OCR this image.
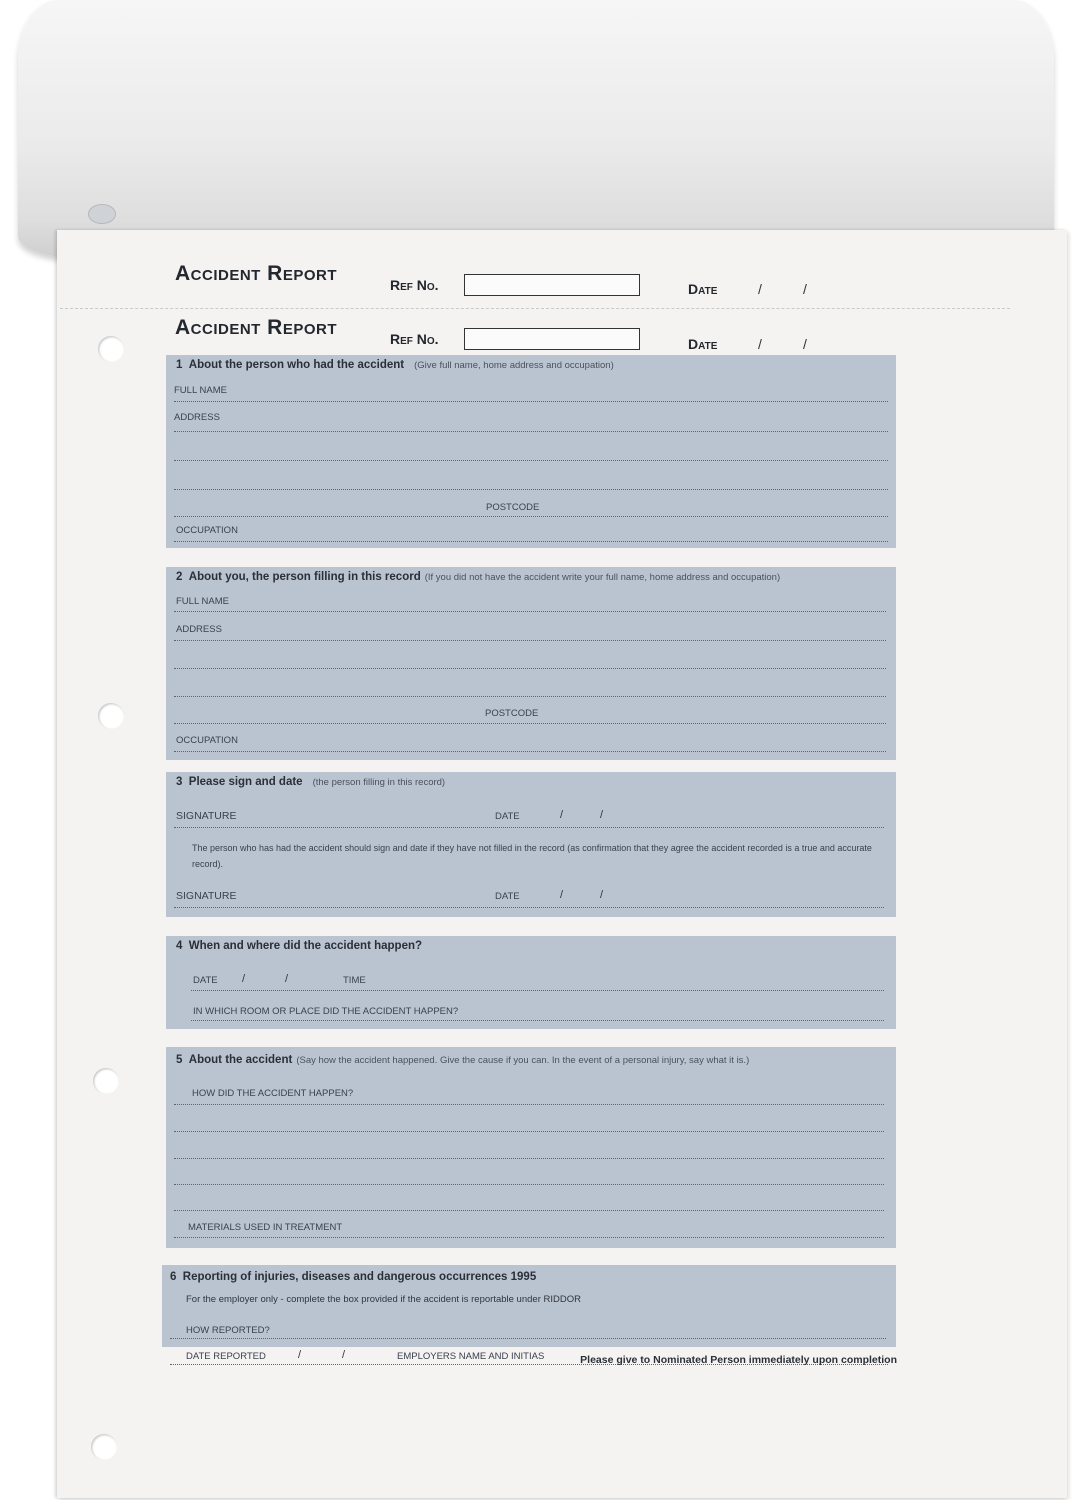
Accident Report	Ref No.	Date	/	/
Accident Report	Ref No.	Date	/	/
1 About the person who had the accident (Give full name, home address and occupation)
FULL NAME
ADDRESS
POSTCODE
OCCUPATION
2 About you, the person filling in this record (If you did not have the accident write your full name, home address and occupation)
FULL NAME
ADDRESS
POSTCODE
OCCUPATION
3 Please sign and date (the person filling in this record)
SIGNATURE	DATE	/	/
The person who has had the accident should sign and date if they have not filled in the record (as confirmation that they agree the accident recorded is a true and accurate record).
SIGNATURE	DATE	/	/
4 When and where did the accident happen?
DATE /	/	TIME
IN WHICH ROOM OR PLACE DID THE ACCIDENT HAPPEN?
5 About the accident (Say how the accident happened. Give the cause if you can. In the event of a personal injury, say what it is.)
HOW DID THE ACCIDENT HAPPEN?
MATERIALS USED IN TREATMENT
6 Reporting of injuries, diseases and dangerous occurrences 1995
For the employer only - complete the box provided if the accident is reportable under RIDDOR
HOW REPORTED?
DATE REPORTED	/	/	EMPLOYERS NAME AND INITIAS	Please give to Nominated Person immediately upon completion
